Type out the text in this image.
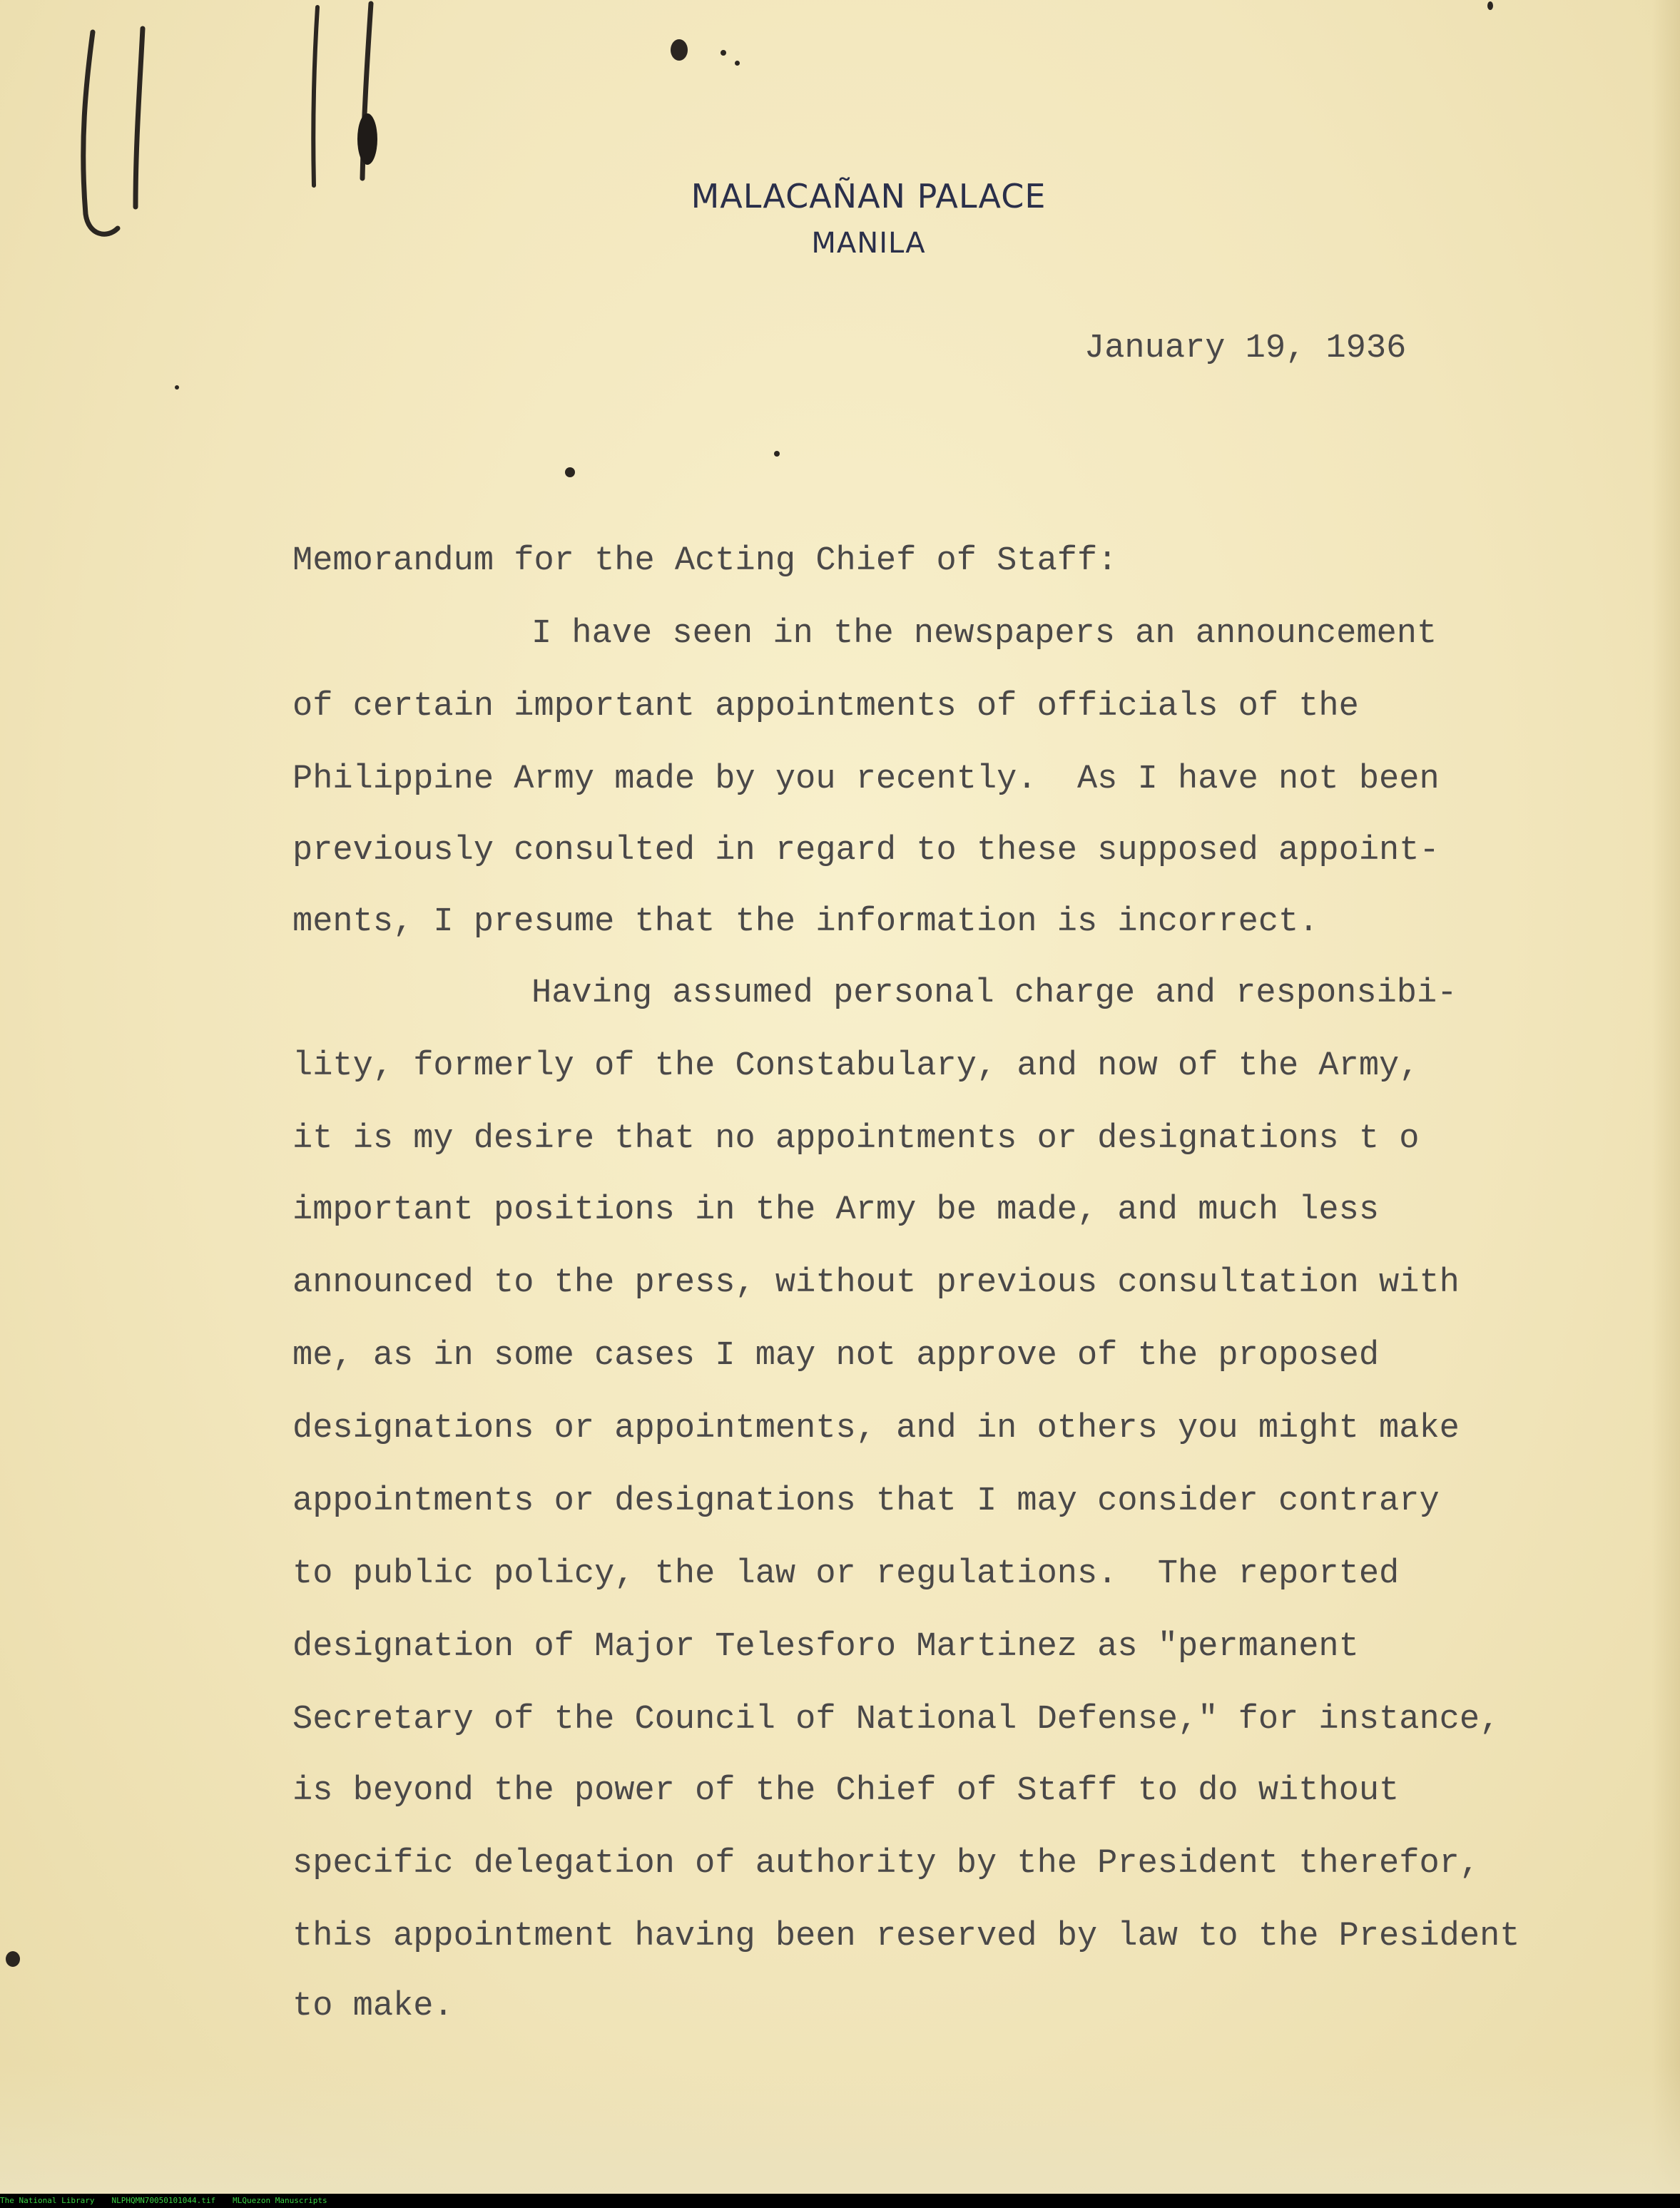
MALACAÑAN PALACE
MANILA
January 19, 1936
Memorandum for the Acting Chief of Staff:
I have seen in the newspapers an announcement
of certain important appointments of officials of the
Philippine Army made by you recently.  As I have not been
previously consulted in regard to these supposed appoint-
ments, I presume that the information is incorrect.
Having assumed personal charge and responsibi-
lity, formerly of the Constabulary, and now of the Army,
it is my desire that no appointments or designations t o
important positions in the Army be made, and much less
announced to the press, without previous consultation with
me, as in some cases I may not approve of the proposed
designations or appointments, and in others you might make
appointments or designations that I may consider contrary
to public policy, the law or regulations.  The reported
designation of Major Telesforo Martinez as "permanent
Secretary of the Council of National Defense," for instance,
is beyond the power of the Chief of Staff to do without
specific delegation of authority by the President therefor,
this appointment having been reserved by law to the President
to make.
The National Library NLPHQMN70050101044.tif MLQuezon Manuscripts
